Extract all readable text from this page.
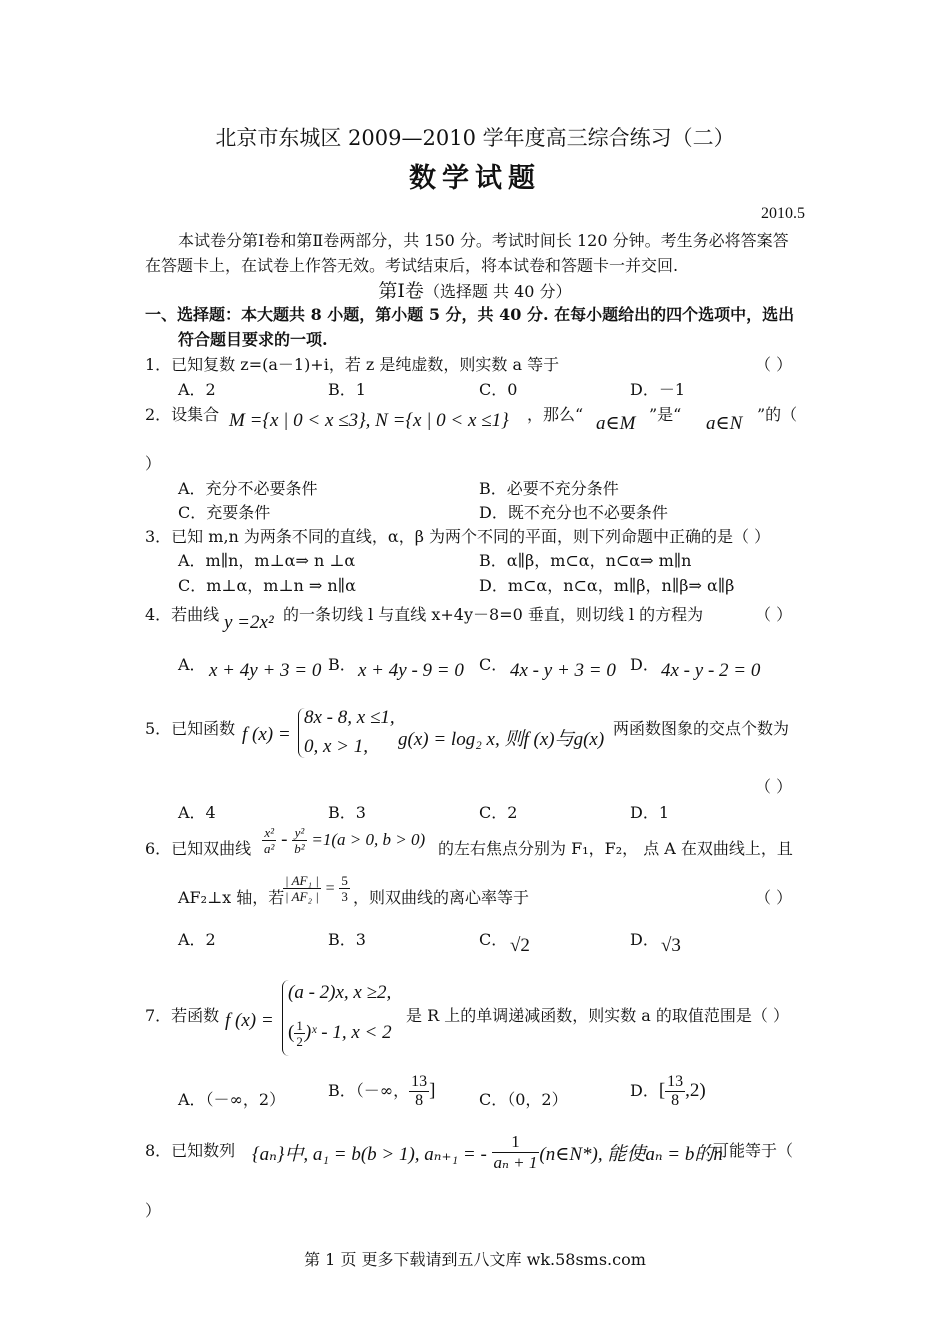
北京市东城区 2009—2010 学年度高三综合练习（二）
数学试题
2010.5
本试卷分第Ⅰ卷和第Ⅱ卷两部分，共 150 分。考试时间长 120 分钟。考生务必将答案答
在答题卡上，在试卷上作答无效。考试结束后，将本试卷和答题卡一并交回.
第Ⅰ卷（选择题 共 40 分）
一、选择题：本大题共 8 小题，第小题 5 分，共 40 分. 在每小题给出的四个选项中，选出
符合题目要求的一项.
1．已知复数 z=(a－1)+i，若 z 是纯虚数，则实数 a 等于	（ ）
A．2	B．1	C．0	D．－1
2．设集合 M ={x | 0 < x ≤3}, N ={x | 0 < x ≤1} ，那么“ a∈M ”是“ a∈N ”的（
）
A．充分不必要条件	B．必要不充分条件
C．充要条件	D．既不充分也不必要条件
3．已知 m,n 为两条不同的直线，α，β 为两个不同的平面，则下列命题中正确的是（ ）
A．m∥n，m⊥α⇒ n ⊥α	B．α∥β，m⊂α，n⊂α⇒ m∥n
C．m⊥α，m⊥n ⇒ n∥α	D．m⊂α，n⊂α，m∥β，n∥β⇒ α∥β
4．若曲线 y =2x² 的一条切线 l 与直线 x+4y－8=0 垂直，则切线 l 的方程为	（ ）
A． x + 4y + 3 = 0 B． x + 4y - 9 = 0 C． 4x - y + 3 = 0 D． 4x - y - 2 = 0
5．已知函数 f (x) =
8x - 8, x ≤1,
0, x > 1, g(x) = log₂ x, 则f (x)与g(x)
两函数图象的交点个数为
（ ）
A．4	B．3	C．2	D．1
6．已知双曲线 $\frac{\text{x²}}{\text{a²}} - \frac{\text{y²}}{\text{b²}} =1(a > 0$, b > 0) 的左右焦点分别为 F₁，F₂， 点 A 在双曲线上，且
AF₂⊥x 轴，若
$\frac{\text{| AF₁ |}}{\text{| AF₂ |}} = \frac{5}{3}$ ，则双曲线的离心率等于	（ ）
A．2	B．3	C． √2	D． √3
7．若函数 f (x) =
(a - 2)x, x ≥2,
( $\frac{1}{2}$ )ˣ - 1, x < 2
是 R 上的单调递减函数，则实数 a 的取值范围是（ ）
A．（－∞，2）	B．（－∞， $\frac{13}{8}$ ]	C．（0，2）	D．[ $\frac{13}{8} ,2$)
8．已知数列 {aₙ}中, a₁ = b(b > 1), aₙ₊₁ = - $\frac{1}{\text{aₙ + 1}}$ (n∈N*), 能使aₙ = b的n
可能等于（
）
第 1 页 更多下载请到五八文库 wk.58sms.com
